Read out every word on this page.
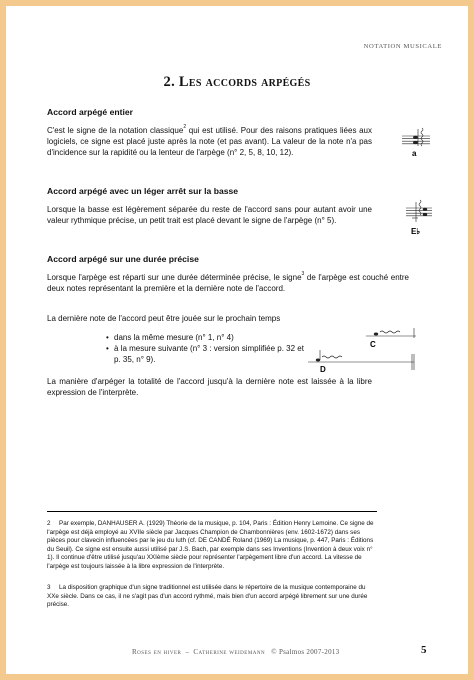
NOTATION MUSICALE
2. Les accords arpégés
Accord arpégé entier

C'est le signe de la notation classique$^2$ qui est utilisé. Pour des raisons pratiques liées aux logiciels, ce signe est placé juste après la note (et pas avant). La valeur de la note n'a pas d'incidence sur la rapidité ou la lenteur de l'arpège (n° 2, 5, 8, 10, 12).	a
Accord arpégé avec un léger arrêt sur la basse

Lorsque la basse est légèrement séparée du reste de l'accord sans pour autant avoir une valeur rythmique précise, un petit trait est placé devant le signe de l'arpège (n° 5).

E♭
Accord arpégé sur une durée précise

Lorsque l'arpège est réparti sur une durée déterminée précise, le signe$^3$ de l'arpège est couché entre deux notes représentant la première et la dernière note de l'accord.

La dernière note de l'accord peut être jouée sur le prochain temps

• dans la même mesure (n° 1, n° 4)
• à la mesure suivante (n° 3 : version simplifiée p. 32 et p. 35, n° 9).
C
D

La manière d'arpéger la totalité de l'accord jusqu'à la dernière note est laissée à la libre expression de l'interprète.

2 Par exemple, DANHAUSER A. (1929) Théorie de la musique, p. 104, Paris : Édition Henry Lemoine. Ce signe de l'arpège est déjà employé au XVIIe siècle par Jacques Champion de Chambonnières (env. 1602-1672) dans ses pièces pour clavecin influencées par le jeu du luth (cf. DE CANDÉ Roland (1969) La musique, p. 447, Paris : Éditions du Seuil). Ce signe est ensuite aussi utilisé par J.S. Bach, par exemple dans ses Inventions (Invention à deux voix n° 1). Il continue d'être utilisé jusqu'au XXIème siècle pour représenter l'arpègement libre d'un accord. La vitesse de l'arpège est toujours laissée à la libre expression de l'interprète.

3 La disposition graphique d'un signe traditionnel est utilisée dans le répertoire de la musique contemporaine du XXe siècle. Dans ce cas, il ne s'agit pas d'un accord rythmé, mais bien d'un accord arpégé librement sur une durée précise.

Roses en hiver – Catherine weidemann © Psalmos 2007-2013	5
